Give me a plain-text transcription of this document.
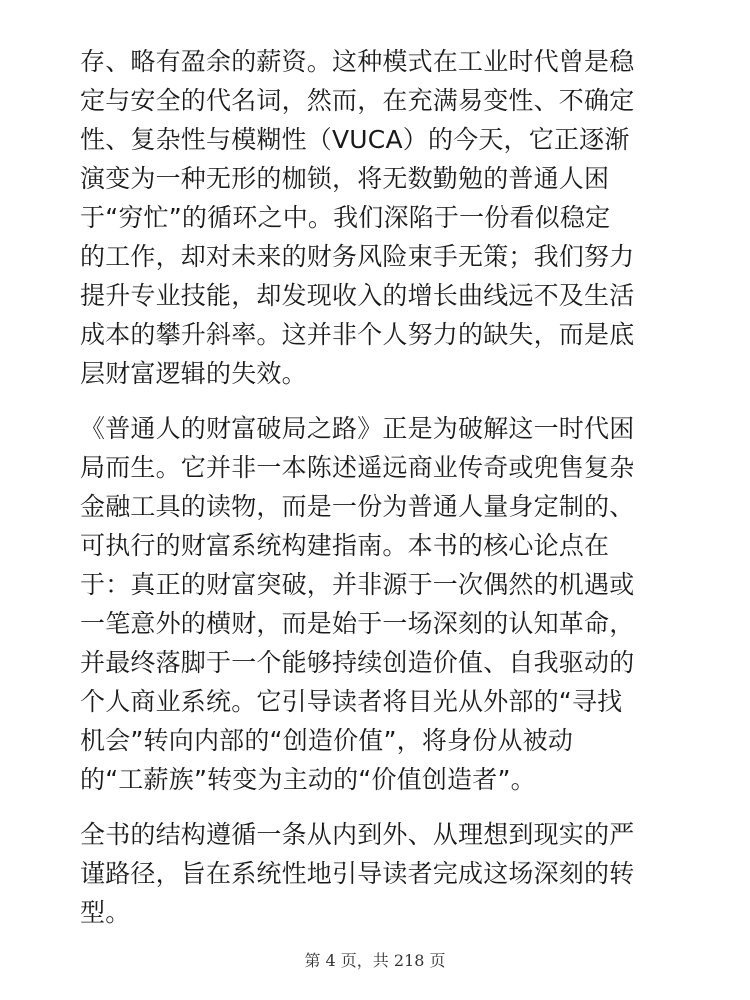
存、略有盈余的薪资。这种模式在工业时代曾是稳
定与安全的代名词，然而，在充满易变性、不确定
性、复杂性与模糊性（VUCA）的今天，它正逐渐
演变为一种无形的枷锁，将无数勤勉的普通人困
于“穷忙”的循环之中。我们深陷于一份看似稳定
的工作，却对未来的财务风险束手无策；我们努力
提升专业技能，却发现收入的增长曲线远不及生活
成本的攀升斜率。这并非个人努力的缺失，而是底
层财富逻辑的失效。

《普通人的财富破局之路》正是为破解这一时代困
局而生。它并非一本陈述遥远商业传奇或兜售复杂
金融工具的读物，而是一份为普通人量身定制的、
可执行的财富系统构建指南。本书的核心论点在
于：真正的财富突破，并非源于一次偶然的机遇或
一笔意外的横财，而是始于一场深刻的认知革命，
并最终落脚于一个能够持续创造价值、自我驱动的
个人商业系统。它引导读者将目光从外部的“寻找
机会”转向内部的“创造价值”，将身份从被动
的“工薪族”转变为主动的“价值创造者”。

全书的结构遵循一条从内到外、从理想到现实的严
谨路径，旨在系统性地引导读者完成这场深刻的转
型。

第 4 页，共 218 页
